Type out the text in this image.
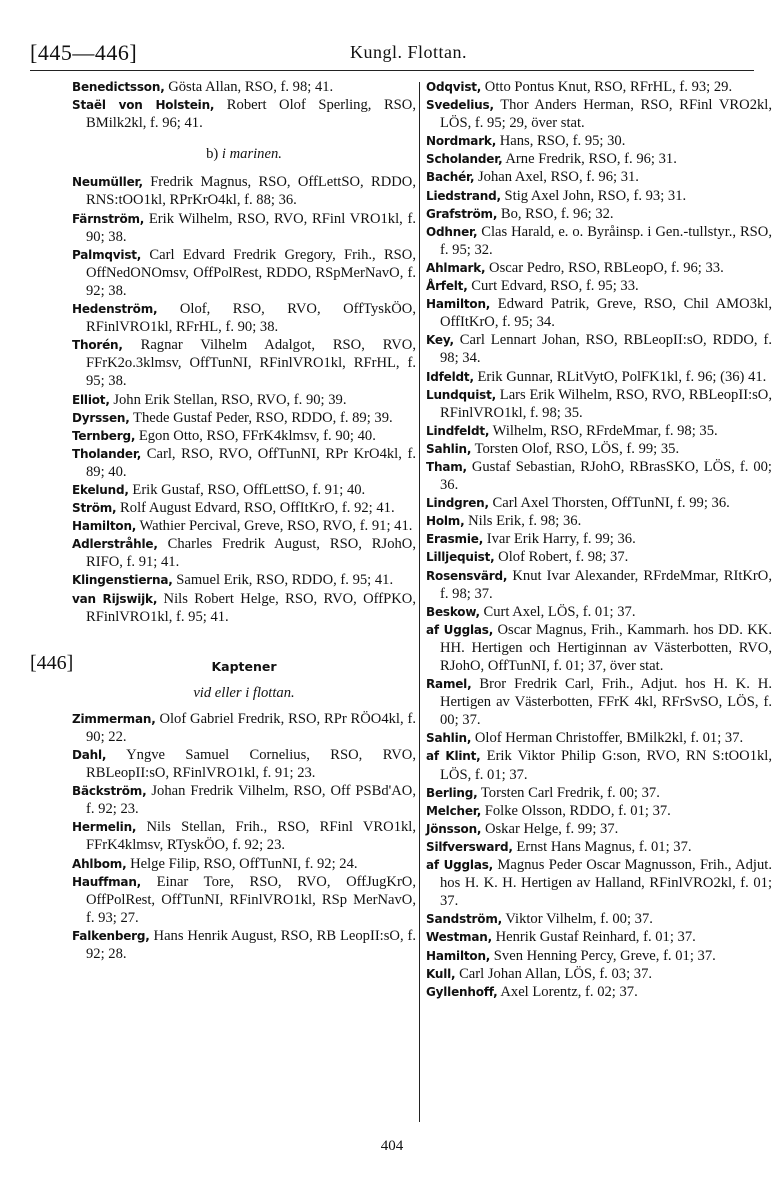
[445—446]	Kungl. Flottan.

Benedictsson, Gösta Allan, RSO, f. 98; 41.

Staël von Holstein, Robert Olof Sperling, RSO, BMilk2kl, f. 96; 41.

b) i marinen.

Neumüller, Fredrik Magnus, RSO, OffLettSO, RDDO, RNS:tOO1kl, RPrKrO4kl, f. 88; 36.

Färnström, Erik Wilhelm, RSO, RVO, RFinl VRO1kl, f. 90; 38.

Palmqvist, Carl Edvard Fredrik Gregory, Frih., RSO, OffNedONOmsv, OffPolRest, RDDO, RSpMerNavO, f. 92; 38.

Hedenström, Olof, RSO, RVO, OffTyskÖO, RFinlVRO1kl, RFrHL, f. 90; 38.

Thorén, Ragnar Vilhelm Adalgot, RSO, RVO, FFrK2o.3klmsv, OffTunNI, RFinlVRO1kl, RFrHL, f. 95; 38.

Elliot, John Erik Stellan, RSO, RVO, f. 90; 39.

Dyrssen, Thede Gustaf Peder, RSO, RDDO, f. 89; 39.

Ternberg, Egon Otto, RSO, FFrK4klmsv, f. 90; 40.

Tholander, Carl, RSO, RVO, OffTunNI, RPr KrO4kl, f. 89; 40.

Ekelund, Erik Gustaf, RSO, OffLettSO, f. 91; 40.

Ström, Rolf August Edvard, RSO, OffItKrO, f. 92; 41.

Hamilton, Wathier Percival, Greve, RSO, RVO, f. 91; 41.

Adlerstråhle, Charles Fredrik August, RSO, RJohO, RIFO, f. 91; 41.

Klingenstierna, Samuel Erik, RSO, RDDO, f. 95; 41.

van Rijswijk, Nils Robert Helge, RSO, RVO, OffPKO, RFinlVRO1kl, f. 95; 41.

[446]	Kaptener
vid eller i flottan.

Zimmerman, Olof Gabriel Fredrik, RSO, RPr RÖO4kl, f. 90; 22.

Dahl, Yngve Samuel Cornelius, RSO, RVO, RBLeopII:sO, RFinlVRO1kl, f. 91; 23.

Bäckström, Johan Fredrik Vilhelm, RSO, Off PSBd'AO, f. 92; 23.

Hermelin, Nils Stellan, Frih., RSO, RFinl VRO1kl, FFrK4klmsv, RTyskÖO, f. 92; 23.

Ahlbom, Helge Filip, RSO, OffTunNI, f. 92; 24.

Hauffman, Einar Tore, RSO, RVO, OffJugKrO, OffPolRest, OffTunNI, RFinlVRO1kl, RSp MerNavO, f. 93; 27.

Falkenberg, Hans Henrik August, RSO, RB LeopII:sO, f. 92; 28.

Odqvist, Otto Pontus Knut, RSO, RFrHL, f. 93; 29.

Svedelius, Thor Anders Herman, RSO, RFinl VRO2kl, LÖS, f. 95; 29, över stat.

Nordmark, Hans, RSO, f. 95; 30.

Scholander, Arne Fredrik, RSO, f. 96; 31.

Bachér, Johan Axel, RSO, f. 96; 31.

Liedstrand, Stig Axel John, RSO, f. 93; 31.

Grafström, Bo, RSO, f. 96; 32.

Odhner, Clas Harald, e. o. Byråinsp. i Gen.-tullstyr., RSO, f. 95; 32.

Ahlmark, Oscar Pedro, RSO, RBLeopO, f. 96; 33.

Årfelt, Curt Edvard, RSO, f. 95; 33.

Hamilton, Edward Patrik, Greve, RSO, Chil AMO3kl, OffItKrO, f. 95; 34.

Key, Carl Lennart Johan, RSO, RBLeopII:sO, RDDO, f. 98; 34.

Idfeldt, Erik Gunnar, RLitVytO, PolFK1kl, f. 96; (36) 41.

Lundquist, Lars Erik Wilhelm, RSO, RVO, RBLeopII:sO, RFinlVRO1kl, f. 98; 35.

Lindfeldt, Wilhelm, RSO, RFrdeMmar, f. 98; 35.

Sahlin, Torsten Olof, RSO, LÖS, f. 99; 35.

Tham, Gustaf Sebastian, RJohO, RBrasSKO, LÖS, f. 00; 36.

Lindgren, Carl Axel Thorsten, OffTunNI, f. 99; 36.

Holm, Nils Erik, f. 98; 36.

Erasmie, Ivar Erik Harry, f. 99; 36.

Lilljequist, Olof Robert, f. 98; 37.

Rosensvärd, Knut Ivar Alexander, RFrdeMmar, RItKrO, f. 98; 37.

Beskow, Curt Axel, LÖS, f. 01; 37.

af Ugglas, Oscar Magnus, Frih., Kammarh. hos DD. KK. HH. Hertigen och Hertiginnan av Västerbotten, RVO, RJohO, OffTunNI, f. 01; 37, över stat.

Ramel, Bror Fredrik Carl, Frih., Adjut. hos H. K. H. Hertigen av Västerbotten, FFrK 4kl, RFrSvSO, LÖS, f. 00; 37.

Sahlin, Olof Herman Christoffer, BMilk2kl, f. 01; 37.

af Klint, Erik Viktor Philip G:son, RVO, RN S:tOO1kl, LÖS, f. 01; 37.

Berling, Torsten Carl Fredrik, f. 00; 37.

Melcher, Folke Olsson, RDDO, f. 01; 37.

Jönsson, Oskar Helge, f. 99; 37.

Silfversward, Ernst Hans Magnus, f. 01; 37.

af Ugglas, Magnus Peder Oscar Magnusson, Frih., Adjut. hos H. K. H. Hertigen av Halland, RFinlVRO2kl, f. 01; 37.

Sandström, Viktor Vilhelm, f. 00; 37.

Westman, Henrik Gustaf Reinhard, f. 01; 37.

Hamilton, Sven Henning Percy, Greve, f. 01; 37.

Kull, Carl Johan Allan, LÖS, f. 03; 37.

Gyllenhoff, Axel Lorentz, f. 02; 37.

404
